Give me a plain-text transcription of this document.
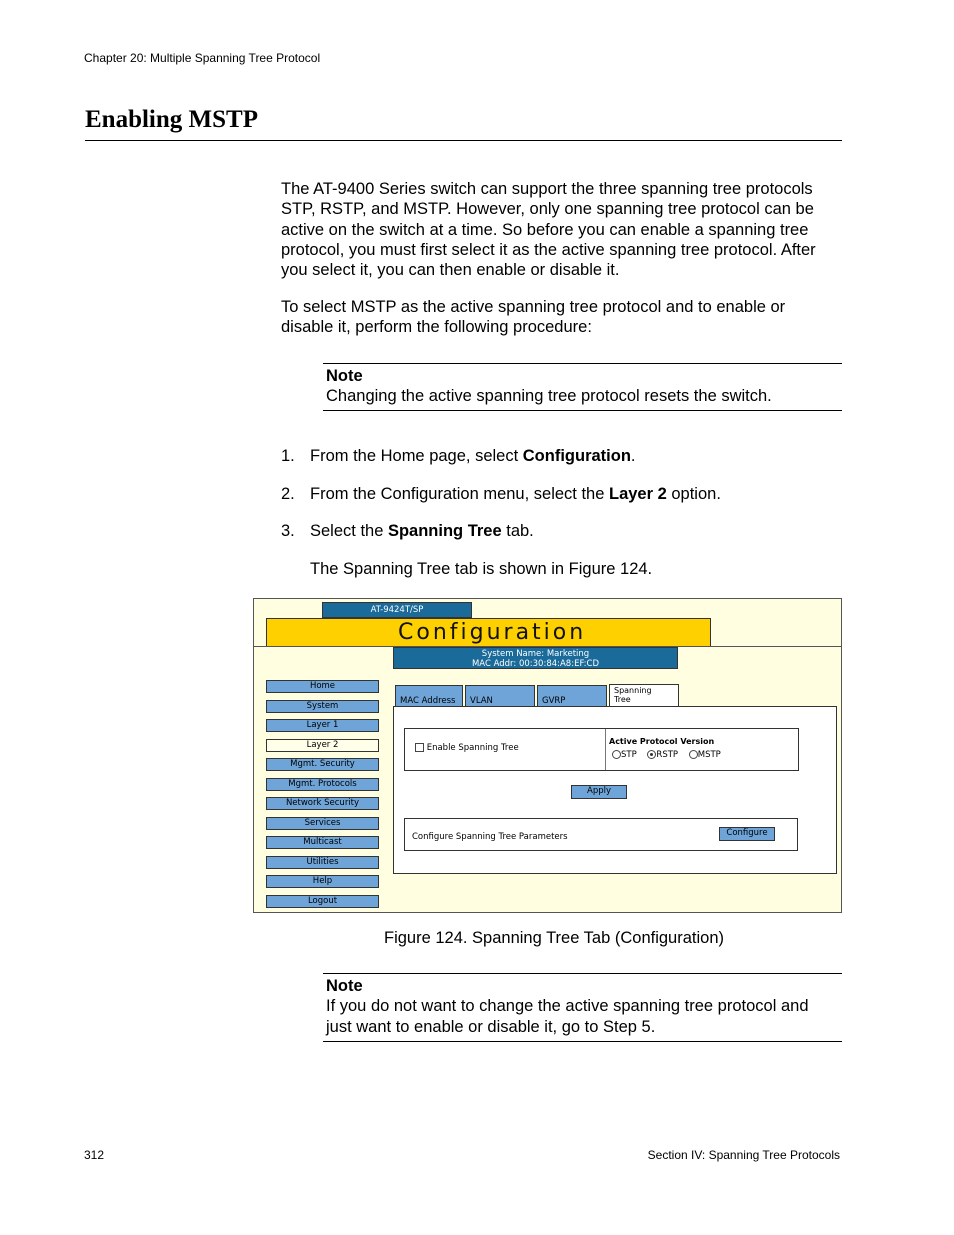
Chapter 20: Multiple Spanning Tree Protocol
Enabling MSTP
The AT-9400 Series switch can support the three spanning tree protocols
STP, RSTP, and MSTP. However, only one spanning tree protocol can be
active on the switch at a time. So before you can enable a spanning tree
protocol, you must first select it as the active spanning tree protocol. After
you select it, you can then enable or disable it.
To select MSTP as the active spanning tree protocol and to enable or
disable it, perform the following procedure:
Note
Changing the active spanning tree protocol resets the switch.
1. From the Home page, select Configuration.
2. From the Configuration menu, select the Layer 2 option.
3. Select the Spanning Tree tab.
The Spanning Tree tab is shown in Figure 124.
AT-9424T/SP
Configuration
System Name: Marketing
MAC Addr: 00:30:84:A8:EF:CD
Home
System
Layer 1
Layer 2
Mgmt. Security
Mgmt. Protocols
Network Security
Services
Multicast
Utilities
Help
Logout
MAC Address	VLAN	GVRP
Spanning
Tree
Enable Spanning Tree
Active Protocol Version
STP RSTP MSTP
Apply
Configure Spanning Tree Parameters	Configure
Figure 124. Spanning Tree Tab (Configuration)
Note
If you do not want to change the active spanning tree protocol and
just want to enable or disable it, go to Step 5.
312	Section IV: Spanning Tree Protocols
